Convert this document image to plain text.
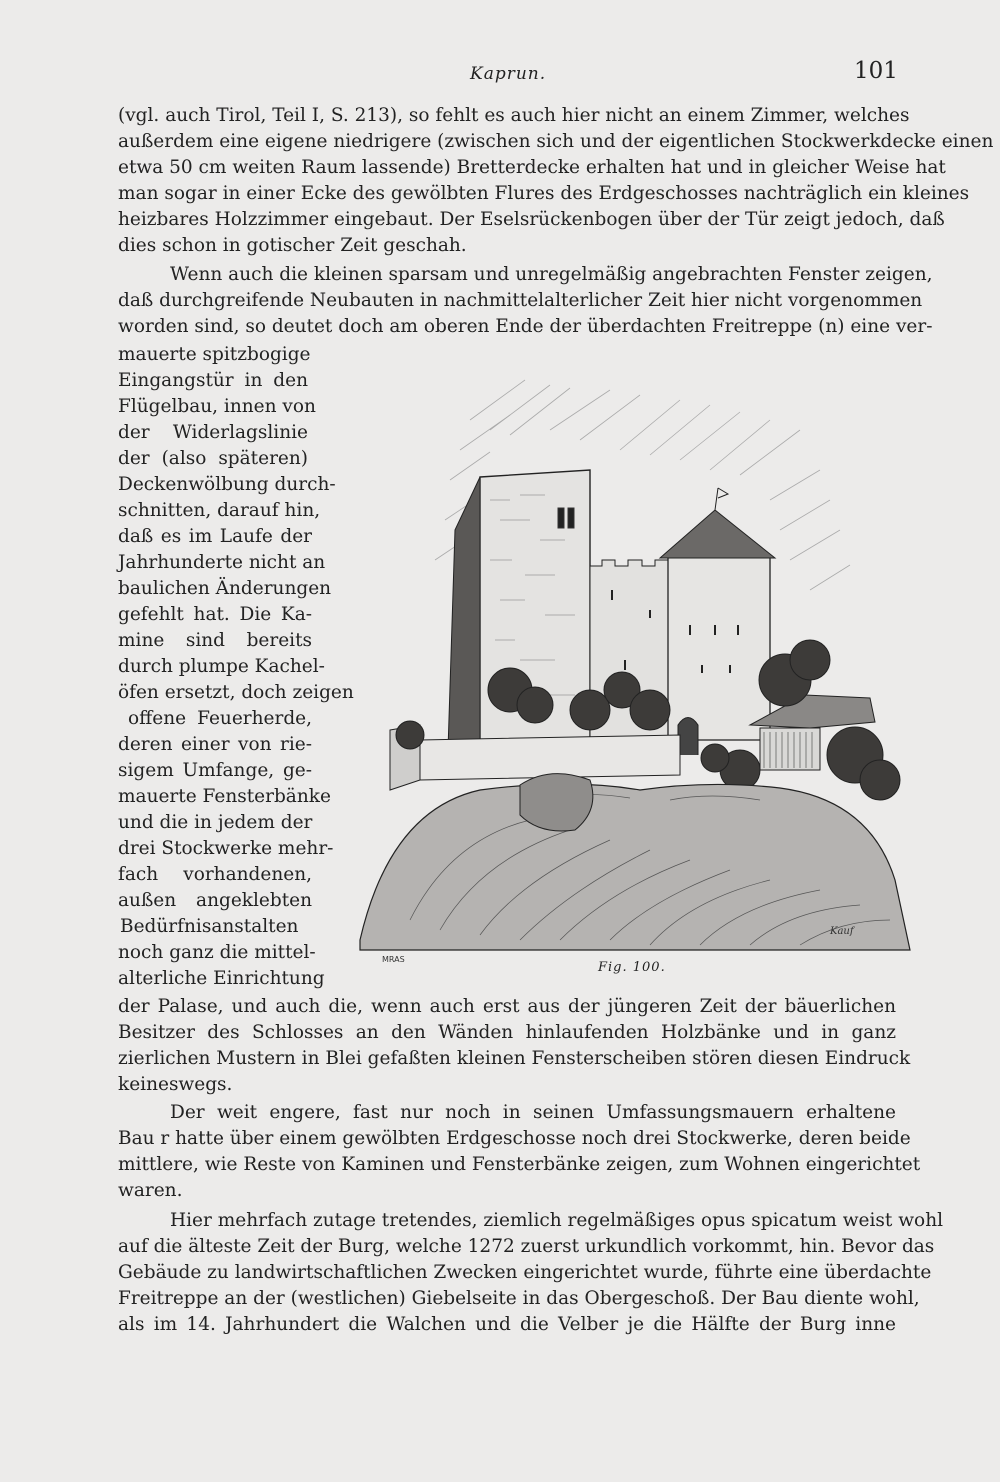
Kaprun.	101
(vgl. auch Tirol, Teil I, S. 213), so fehlt es auch hier nicht an einem Zimmer, welches
außerdem eine eigene niedrigere (zwischen sich und der eigentlichen Stockwerkdecke einen
etwa 50 cm weiten Raum lassende) Bretterdecke erhalten hat und in gleicher Weise hat
man sogar in einer Ecke des gewölbten Flures des Erdgeschosses nachträglich ein kleines
heizbares Holzzimmer eingebaut. Der Eselsrückenbogen über der Tür zeigt jedoch, daß
dies schon in gotischer Zeit geschah.
Wenn auch die kleinen sparsam und unregelmäßig angebrachten Fenster zeigen,
daß durchgreifende Neubauten in nachmittelalterlicher Zeit hier nicht vorgenommen
worden sind, so deutet doch am oberen Ende der überdachten Freitreppe (n) eine ver-
mauerte spitzbogige
Eingangstür in den
Flügelbau, innen von
der Widerlagslinie
der (also späteren)
Deckenwölbung durch-
schnitten, darauf hin,
daß es im Laufe der
Jahrhunderte nicht an
baulichen Änderungen
gefehlt hat. Die Ka-
mine sind bereits
durch plumpe Kachel-
öfen ersetzt, doch zeigen
offene Feuerherde,
deren einer von rie-
sigem Umfange, ge-
mauerte Fensterbänke
und die in jedem der
drei Stockwerke mehr-
fach vorhandenen,
außen angeklebten
Bedürfnisanstalten
noch ganz die mittel-
alterliche Einrichtung
der Palase, und auch die, wenn auch erst aus der jüngeren Zeit der bäuerlichen
Besitzer des Schlosses an den Wänden hinlaufenden Holzbänke und in ganz
zierlichen Mustern in Blei gefaßten kleinen Fensterscheiben stören diesen Eindruck
keineswegs.
Der weit engere, fast nur noch in seinen Umfassungsmauern erhaltene
Bau r hatte über einem gewölbten Erdgeschosse noch drei Stockwerke, deren beide
mittlere, wie Reste von Kaminen und Fensterbänke zeigen, zum Wohnen eingerichtet
waren.
Hier mehrfach zutage tretendes, ziemlich regelmäßiges opus spicatum weist wohl
auf die älteste Zeit der Burg, welche 1272 zuerst urkundlich vorkommt, hin. Bevor das
Gebäude zu landwirtschaftlichen Zwecken eingerichtet wurde, führte eine überdachte
Freitreppe an der (westlichen) Giebelseite in das Obergeschoß. Der Bau diente wohl,
als im 14. Jahrhundert die Walchen und die Velber je die Hälfte der Burg inne
MRAS
Kauf
Fig. 100.
